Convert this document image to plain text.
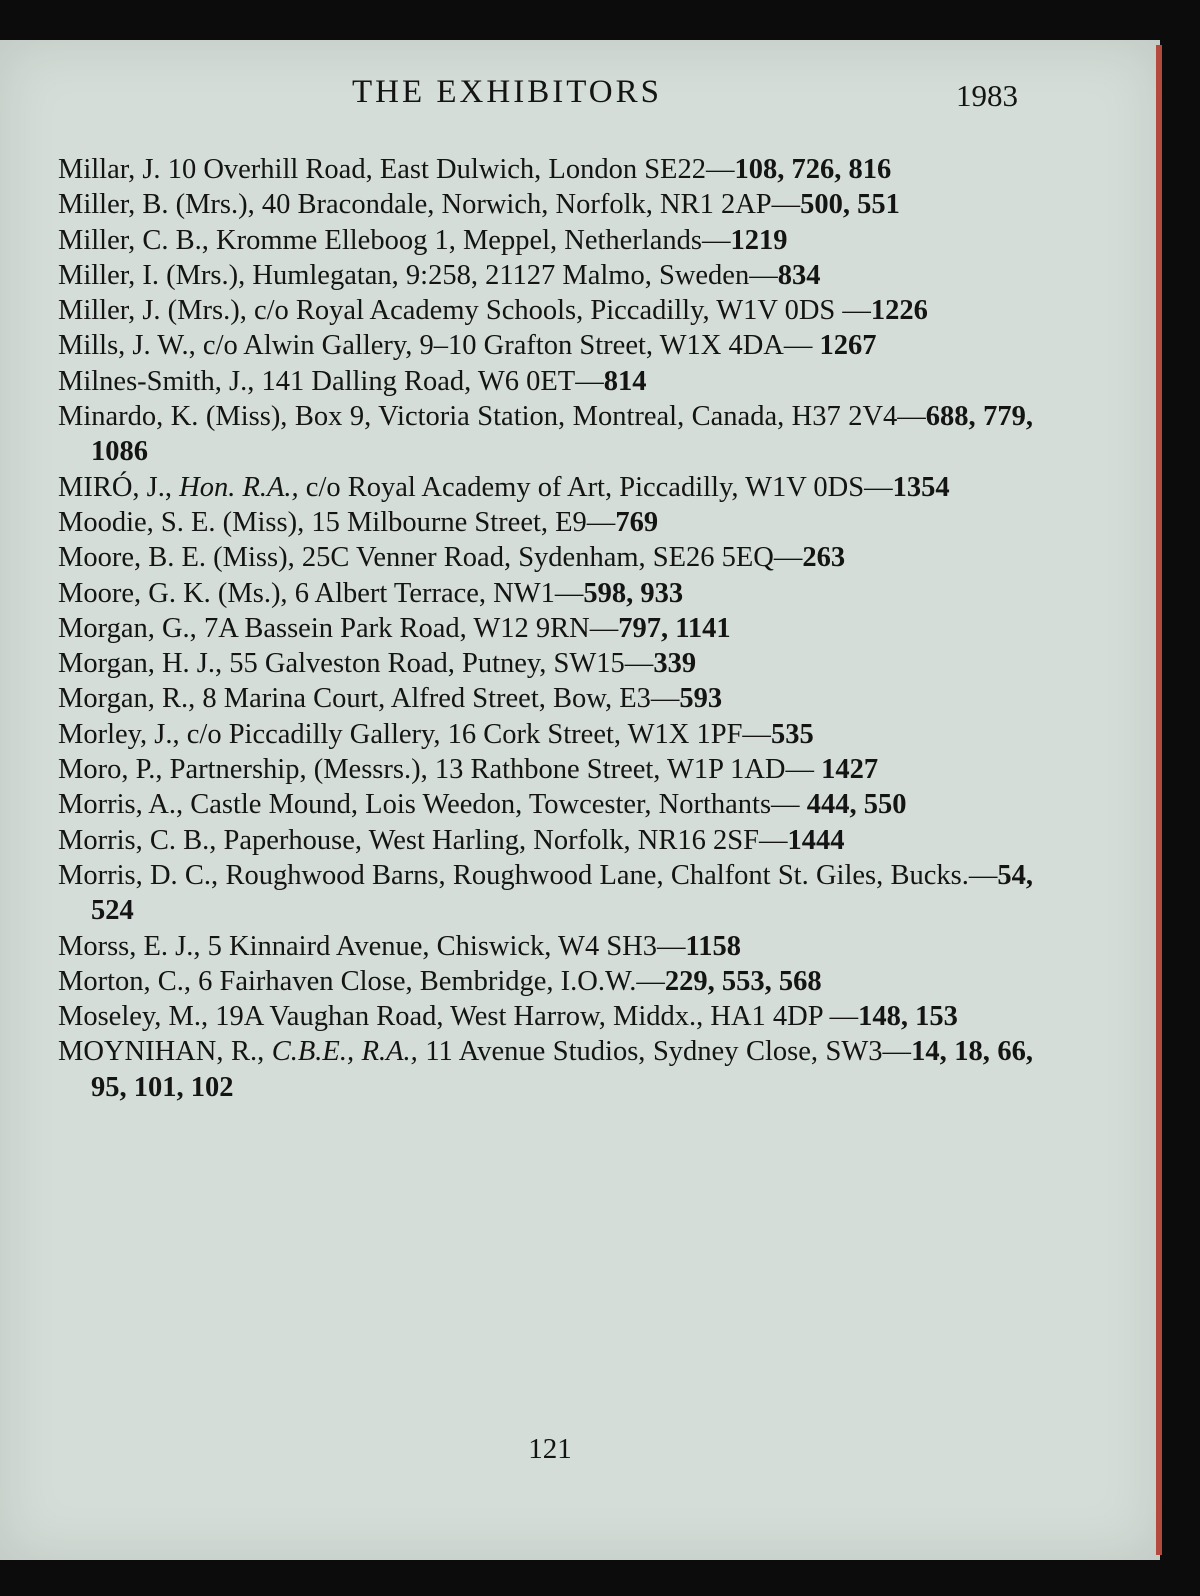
THE EXHIBITORS	1983
Millar, J. 10 Overhill Road, East Dulwich, London SE22—108, 726, 816
Miller, B. (Mrs.), 40 Bracondale, Norwich, Norfolk, NR1 2AP—500, 551
Miller, C. B., Kromme Elleboog 1, Meppel, Netherlands—1219
Miller, I. (Mrs.), Humlegatan, 9:258, 21127 Malmo, Sweden—834
Miller, J. (Mrs.), c/o Royal Academy Schools, Piccadilly, W1V 0DS —1226
Mills, J. W., c/o Alwin Gallery, 9–10 Grafton Street, W1X 4DA— 1267
Milnes-Smith, J., 141 Dalling Road, W6 0ET—814
Minardo, K. (Miss), Box 9, Victoria Station, Montreal, Canada, H37 2V4—688, 779, 1086
MIRÓ, J., Hon. R.A., c/o Royal Academy of Art, Piccadilly, W1V 0DS—1354
Moodie, S. E. (Miss), 15 Milbourne Street, E9—769
Moore, B. E. (Miss), 25C Venner Road, Sydenham, SE26 5EQ—263
Moore, G. K. (Ms.), 6 Albert Terrace, NW1—598, 933
Morgan, G., 7A Bassein Park Road, W12 9RN—797, 1141
Morgan, H. J., 55 Galveston Road, Putney, SW15—339
Morgan, R., 8 Marina Court, Alfred Street, Bow, E3—593
Morley, J., c/o Piccadilly Gallery, 16 Cork Street, W1X 1PF—535
Moro, P., Partnership, (Messrs.), 13 Rathbone Street, W1P 1AD— 1427
Morris, A., Castle Mound, Lois Weedon, Towcester, Northants— 444, 550
Morris, C. B., Paperhouse, West Harling, Norfolk, NR16 2SF—1444
Morris, D. C., Roughwood Barns, Roughwood Lane, Chalfont St. Giles, Bucks.—54, 524
Morss, E. J., 5 Kinnaird Avenue, Chiswick, W4 SH3—1158
Morton, C., 6 Fairhaven Close, Bembridge, I.O.W.—229, 553, 568
Moseley, M., 19A Vaughan Road, West Harrow, Middx., HA1 4DP —148, 153
MOYNIHAN, R., C.B.E., R.A., 11 Avenue Studios, Sydney Close, SW3—14, 18, 66, 95, 101, 102
121
